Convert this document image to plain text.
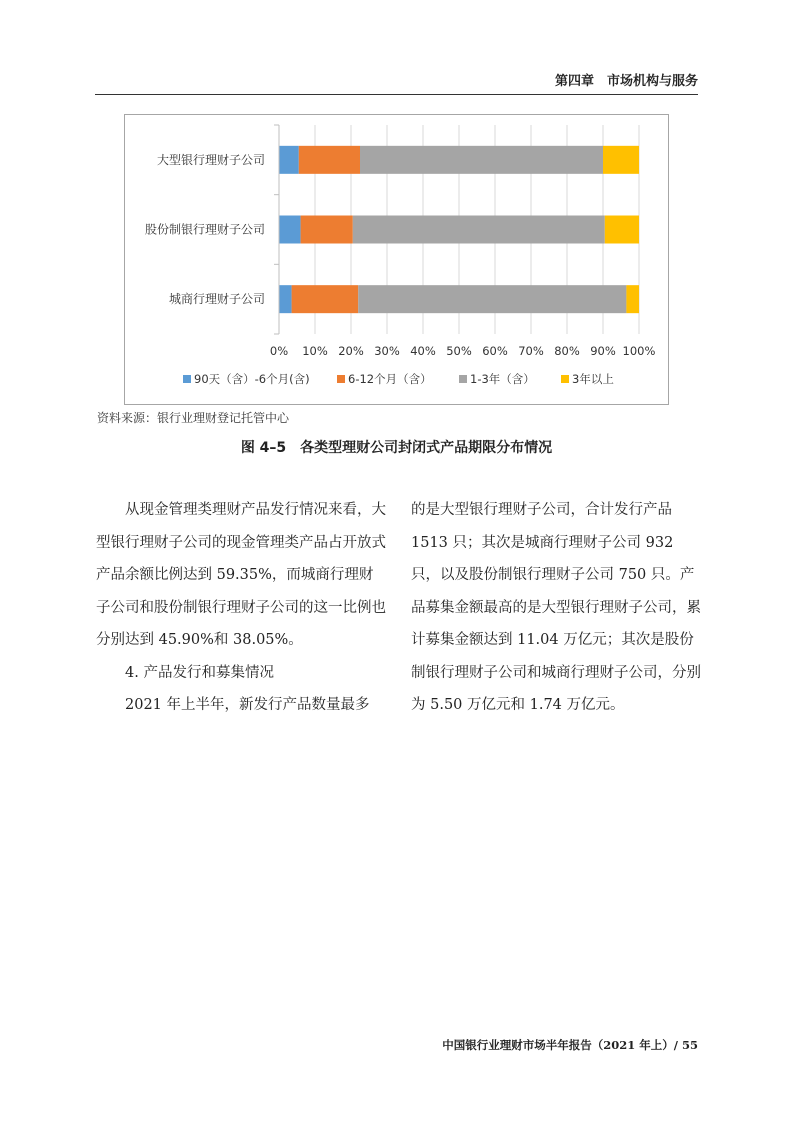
第四章　市场机构与服务
0% 10% 20% 30% 40% 50% 60% 70% 80% 90% 100%
大型银行理财子公司
股份制银行理财子公司
城商行理财子公司
90天（含）-6个月(含)	6-12个月（含）	1-3年（含）	3年以上
资料来源：银行业理财登记托管中心
图 4–5　各类型理财公司封闭式产品期限分布情况

从现金管理类理财产品发行情况来看，大型银行理财子公司的现金管理类产品占开放式产品余额比例达到 59.35%，而城商行理财子公司和股份制银行理财子公司的这一比例也分别达到 45.90%和 38.05%。

4. 产品发行和募集情况

2021 年上半年，新发行产品数量最多

的是大型银行理财子公司，合计发行产品 1513 只；其次是城商行理财子公司 932 只，以及股份制银行理财子公司 750 只。产品募集金额最高的是大型银行理财子公司，累计募集金额达到 11.04 万亿元；其次是股份制银行理财子公司和城商行理财子公司，分别为 5.50 万亿元和 1.74 万亿元。

中国银行业理财市场半年报告（2021 年上）/ 55
